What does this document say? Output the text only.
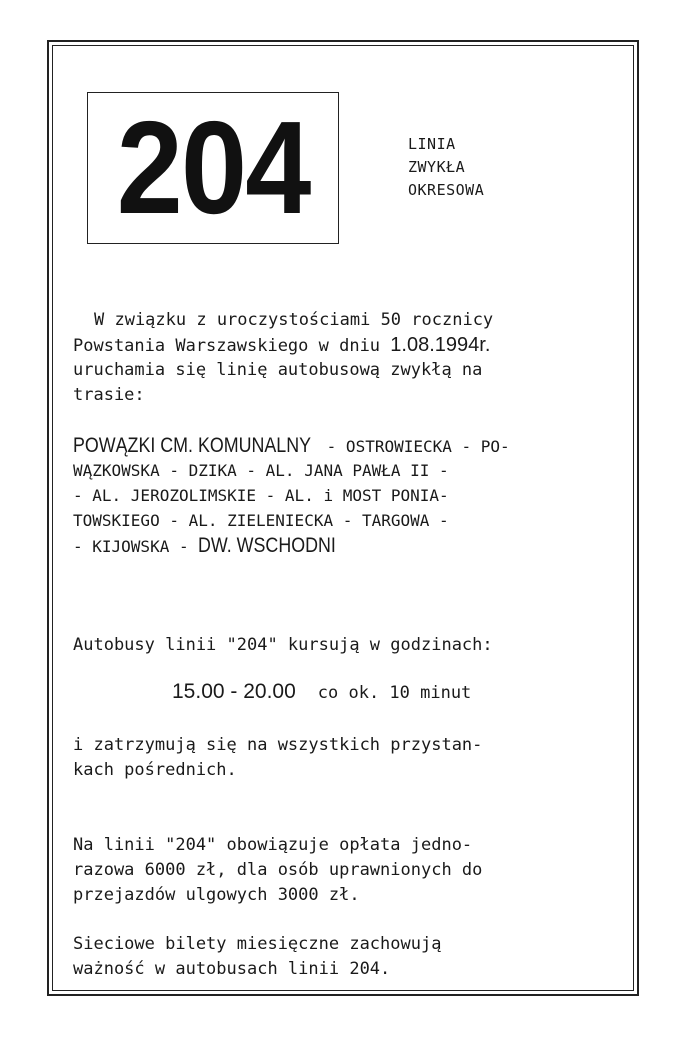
204	LINIA
ZWYKŁA
OKRESOWA
W związku z uroczystościami 50 rocznicy
Powstania Warszawskiego w dniu 1.08.1994r.
uruchamia się linię autobusową zwykłą na
trasie:
POWĄZKI CM. KOMUNALNY - OSTROWIECKA - PO-
WĄZKOWSKA - DZIKA - AL. JANA PAWŁA II -
- AL. JEROZOLIMSKIE - AL. i MOST PONIA-
TOWSKIEGO - AL. ZIELENIECKA - TARGOWA -
- KIJOWSKA - DW. WSCHODNI
Autobusy linii "204" kursują w godzinach:
15.00 - 20.00 co ok. 10 minut
i zatrzymują się na wszystkich przystan-
kach pośrednich.
Na linii "204" obowiązuje opłata jedno-
razowa 6000 zł, dla osób uprawnionych do
przejazdów ulgowych 3000 zł.
Sieciowe bilety miesięczne zachowują
ważność w autobusach linii 204.
